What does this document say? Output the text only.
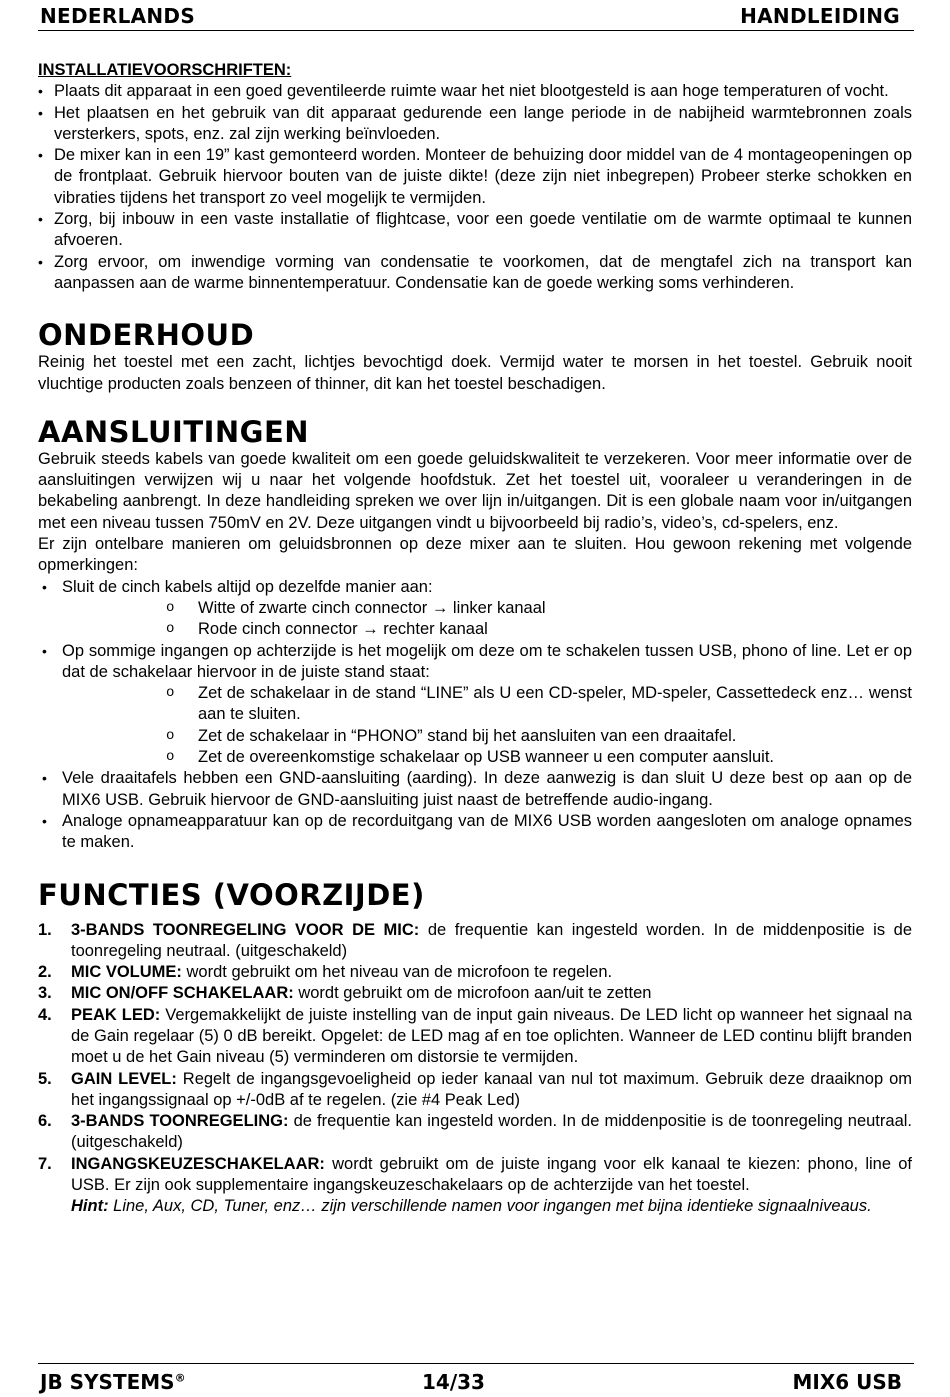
NEDERLANDS	HANDLEIDING

INSTALLATIEVOORSCHRIFTEN:

• Plaats dit apparaat in een goed geventileerde ruimte waar het niet blootgesteld is aan hoge temperaturen of vocht.
• Het plaatsen en het gebruik van dit apparaat gedurende een lange periode in de nabijheid warmtebronnen zoals versterkers, spots, enz. zal zijn werking beïnvloeden.
• De mixer kan in een 19” kast gemonteerd worden. Monteer de behuizing door middel van de 4 montageopeningen op de frontplaat. Gebruik hiervoor bouten van de juiste dikte! (deze zijn niet inbegrepen) Probeer sterke schokken en vibraties tijdens het transport zo veel mogelijk te vermijden.
• Zorg, bij inbouw in een vaste installatie of flightcase, voor een goede ventilatie om de warmte optimaal te kunnen afvoeren.
• Zorg ervoor, om inwendige vorming van condensatie te voorkomen, dat de mengtafel zich na transport kan aanpassen aan de warme binnentemperatuur. Condensatie kan de goede werking soms verhinderen.
ONDERHOUD

Reinig het toestel met een zacht, lichtjes bevochtigd doek. Vermijd water te morsen in het toestel. Gebruik nooit vluchtige producten zoals benzeen of thinner, dit kan het toestel beschadigen.

AANSLUITINGEN

Gebruik steeds kabels van goede kwaliteit om een goede geluidskwaliteit te verzekeren. Voor meer informatie over de aansluitingen verwijzen wij u naar het volgende hoofdstuk. Zet het toestel uit, vooraleer u veranderingen in de bekabeling aanbrengt. In deze handleiding spreken we over lijn in/uitgangen. Dit is een globale naam voor in/uitgangen met een niveau tussen 750mV en 2V. Deze uitgangen vindt u bijvoorbeeld bij radio’s, video’s, cd-spelers, enz.

Er zijn ontelbare manieren om geluidsbronnen op deze mixer aan te sluiten. Hou gewoon rekening met volgende opmerkingen:

• Sluit de cinch kabels altijd op dezelfde manier aan:
o Witte of zwarte cinch connector → linker kanaal
o Rode cinch connector → rechter kanaal
• Op sommige ingangen op achterzijde is het mogelijk om deze om te schakelen tussen USB, phono of line. Let er op dat de schakelaar hiervoor in de juiste stand staat:
o Zet de schakelaar in de stand “LINE” als U een CD-speler, MD-speler, Cassettedeck enz… wenst aan te sluiten.
o Zet de schakelaar in “PHONO” stand bij het aansluiten van een draaitafel.
o Zet de overeenkomstige schakelaar op USB wanneer u een computer aansluit.
• Vele draaitafels hebben een GND-aansluiting (aarding). In deze aanwezig is dan sluit U deze best op aan op de MIX6 USB. Gebruik hiervoor de GND-aansluiting juist naast de betreffende audio-ingang.
• Analoge opnameapparatuur kan op de recorduitgang van de MIX6 USB worden aangesloten om analoge opnames te maken.
FUNCTIES (VOORZIJDE)
1. 3-BANDS TOONREGELING VOOR DE MIC: de frequentie kan ingesteld worden. In de middenpositie is de toonregeling neutraal. (uitgeschakeld)
2. MIC VOLUME: wordt gebruikt om het niveau van de microfoon te regelen.
3. MIC ON/OFF SCHAKELAAR: wordt gebruikt om de microfoon aan/uit te zetten
4. PEAK LED: Vergemakkelijkt de juiste instelling van de input gain niveaus. De LED licht op wanneer het signaal na de Gain regelaar (5) 0 dB bereikt. Opgelet: de LED mag af en toe oplichten. Wanneer de LED continu blijft branden moet u de het Gain niveau (5) verminderen om distorsie te vermijden.
5. GAIN LEVEL: Regelt de ingangsgevoeligheid op ieder kanaal van nul tot maximum. Gebruik deze draaiknop om het ingangssignaal op +/-0dB af te regelen. (zie #4 Peak Led)
6. 3-BANDS TOONREGELING: de frequentie kan ingesteld worden. In de middenpositie is de toonregeling neutraal. (uitgeschakeld)
7. INGANGSKEUZESCHAKELAAR: wordt gebruikt om de juiste ingang voor elk kanaal te kiezen: phono, line of USB. Er zijn ook supplementaire ingangskeuzeschakelaars op de achterzijde van het toestel.
Hint: Line, Aux, CD, Tuner, enz… zijn verschillende namen voor ingangen met bijna identieke signaalniveaus.
JB SYSTEMS®	14/33	MIX6 USB
